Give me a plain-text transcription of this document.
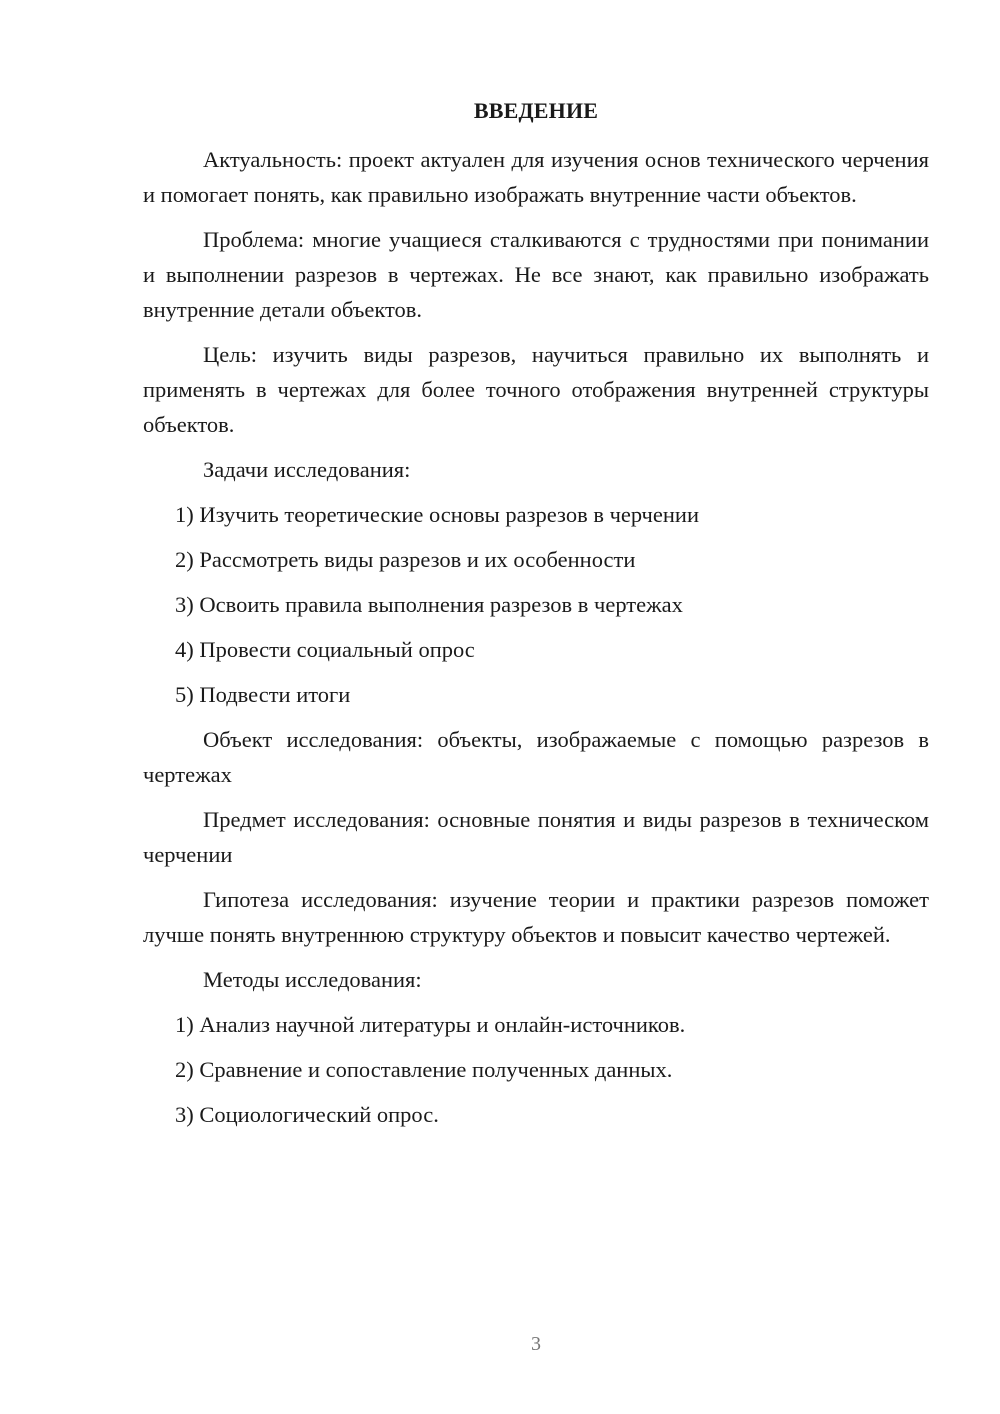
ВВЕДЕНИЕ

Актуальность: проект актуален для изучения основ технического черчения и помогает понять, как правильно изображать внутренние части объектов.

Проблема: многие учащиеся сталкиваются с трудностями при понимании и выполнении разрезов в чертежах. Не все знают, как правильно изображать внутренние детали объектов.

Цель: изучить виды разрезов, научиться правильно их выполнять и применять в чертежах для более точного отображения внутренней структуры объектов.

Задачи исследования:

1) Изучить теоретические основы разрезов в черчении

2) Рассмотреть виды разрезов и их особенности

3) Освоить правила выполнения разрезов в чертежах

4) Провести социальный опрос

5) Подвести итоги

Объект исследования: объекты, изображаемые с помощью разрезов в чертежах

Предмет исследования: основные понятия и виды разрезов в техническом черчении

Гипотеза исследования: изучение теории и практики разрезов поможет лучше понять внутреннюю структуру объектов и повысит качество чертежей.

Методы исследования:

1) Анализ научной литературы и онлайн-источников.

2) Сравнение и сопоставление полученных данных.

3) Социологический опрос.

3
